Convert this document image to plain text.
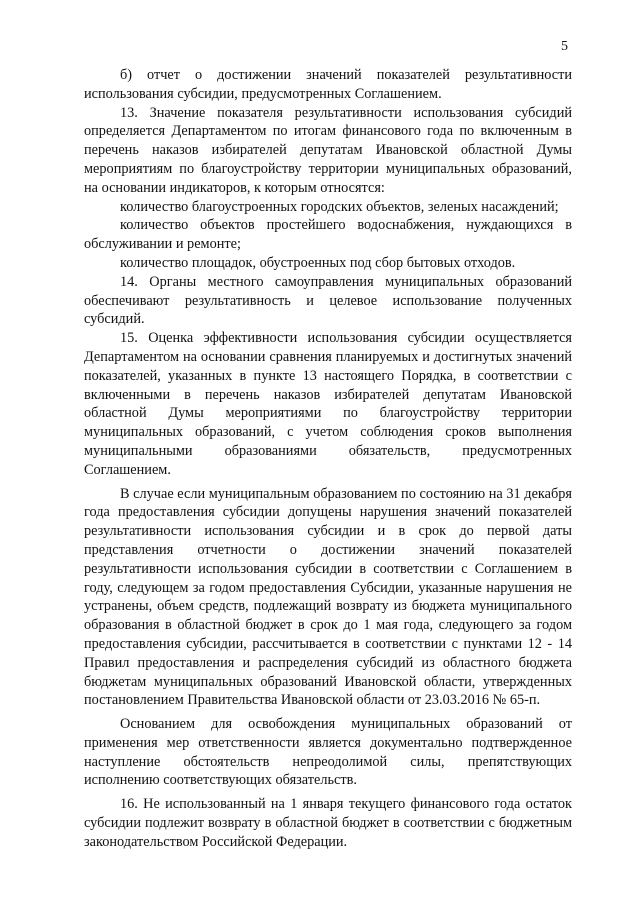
5

б) отчет о достижении значений показателей результативности использования субсидии, предусмотренных Соглашением.

13. Значение показателя результативности использования субсидий определяется Департаментом по итогам финансового года по включенным в перечень наказов избирателей депутатам Ивановской областной Думы мероприятиям по благоустройству территории муниципальных образований, на основании индикаторов, к которым относятся:

количество благоустроенных городских объектов, зеленых насаждений;

количество объектов простейшего водоснабжения, нуждающихся в обслуживании и ремонте;

количество площадок, обустроенных под сбор бытовых отходов.

14. Органы местного самоуправления муниципальных образований обеспечивают результативность и целевое использование полученных субсидий.

15. Оценка эффективности использования субсидии осуществляется Департаментом на основании сравнения планируемых и достигнутых значений показателей, указанных в пункте 13 настоящего Порядка, в соответствии с включенными в перечень наказов избирателей депутатам Ивановской областной Думы мероприятиями по благоустройству территории муниципальных образований, с учетом соблюдения сроков выполнения муниципальными образованиями обязательств, предусмотренных Соглашением.

В случае если муниципальным образованием по состоянию на 31 декабря года предоставления субсидии допущены нарушения значений показателей результативности использования субсидии и в срок до первой даты представления отчетности о достижении значений показателей результативности использования субсидии в соответствии с Соглашением в году, следующем за годом предоставления Субсидии, указанные нарушения не устранены, объем средств, подлежащий возврату из бюджета муниципального образования в областной бюджет в срок до 1 мая года, следующего за годом предоставления субсидии, рассчитывается в соответствии с пунктами 12 - 14 Правил предоставления и распределения субсидий из областного бюджета бюджетам муниципальных образований Ивановской области, утвержденных постановлением Правительства Ивановской области от 23.03.2016 № 65-п.

Основанием для освобождения муниципальных образований от применения мер ответственности является документально подтвержденное наступление обстоятельств непреодолимой силы, препятствующих исполнению соответствующих обязательств.

16. Не использованный на 1 января текущего финансового года остаток субсидии подлежит возврату в областной бюджет в соответствии с бюджетным законодательством Российской Федерации.
